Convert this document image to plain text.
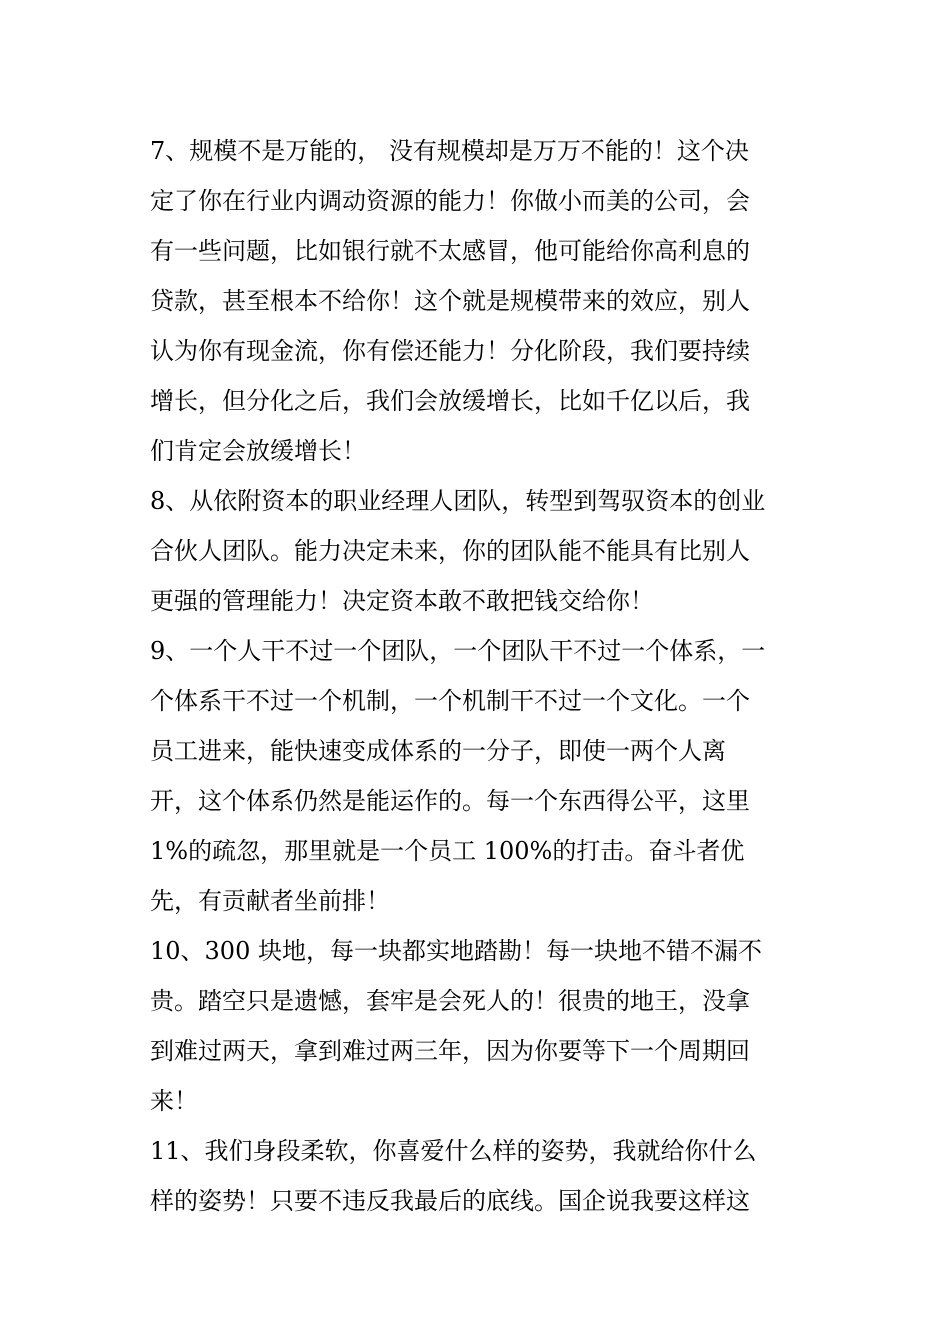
7、规模不是万能的， 没有规模却是万万不能的！这个决
定了你在行业内调动资源的能力！你做小而美的公司，会
有一些问题，比如银行就不太感冒，他可能给你高利息的
贷款，甚至根本不给你！这个就是规模带来的效应，别人
认为你有现金流，你有偿还能力！分化阶段，我们要持续
增长，但分化之后，我们会放缓增长，比如千亿以后，我
们肯定会放缓增长！
8、从依附资本的职业经理人团队，转型到驾驭资本的创业
合伙人团队。能力决定未来，你的团队能不能具有比别人
更强的管理能力！决定资本敢不敢把钱交给你！
9、一个人干不过一个团队，一个团队干不过一个体系，一
个体系干不过一个机制，一个机制干不过一个文化。一个
员工进来，能快速变成体系的一分子，即使一两个人离
开，这个体系仍然是能运作的。每一个东西得公平，这里
1%的疏忽，那里就是一个员工 100%的打击。奋斗者优
先，有贡献者坐前排！
10、300 块地，每一块都实地踏勘！每一块地不错不漏不
贵。踏空只是遗憾，套牢是会死人的！很贵的地王，没拿
到难过两天，拿到难过两三年，因为你要等下一个周期回
来！
11、我们身段柔软，你喜爱什么样的姿势，我就给你什么
样的姿势！只要不违反我最后的底线。国企说我要这样这
